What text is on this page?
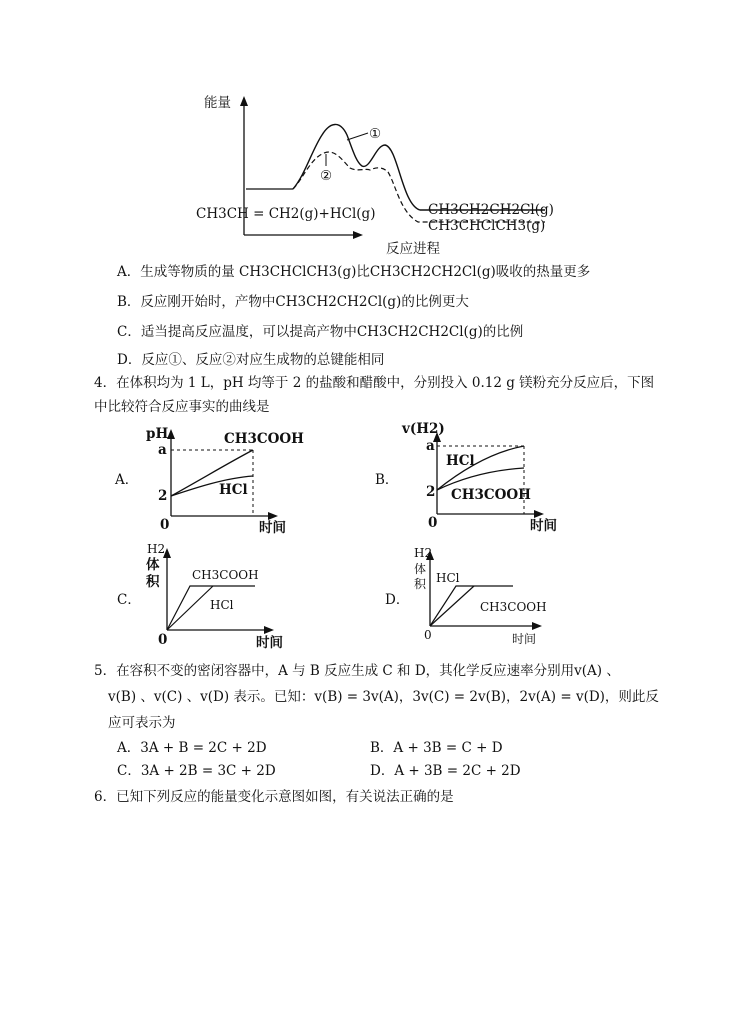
能量
反应进程
CH3CH = CH2(g)+HCl(g)	CH3CH2CH2Cl(g)
CH3CHClCH3(g)
①
②
A．生成等物质的量 CH3CHClCH3(g)比CH3CH2CH2Cl(g)吸收的热量更多
B．反应刚开始时，产物中CH3CH2CH2Cl(g)的比例更大
C．适当提高反应温度，可以提高产物中CH3CH2CH2Cl(g)的比例
D．反应①、反应②对应生成物的总键能相同
4．在体积均为 1 L，pH 均等于 2 的盐酸和醋酸中，分别投入 0.12 g 镁粉充分反应后，下图
中比较符合反应事实的曲线是
A．
pH
a
2
0	时间
CH3COOH
HCl
B．
v(H2)
a
2
0	时间
HCl
CH3COOH
C．
H2
体
积
0	时间
CH3COOH
HCl	D．
H2
体
积
0	时间
HCl
CH3COOH
5．在容积不变的密闭容器中，A 与 B 反应生成 C 和 D，其化学反应速率分别用v(A) 、
v(B) 、v(C) 、v(D) 表示。已知：v(B) = 3v(A)，3v(C) = 2v(B)，2v(A) = v(D)，则此反
应可表示为
A．3A + B = 2C + 2D	B．A + 3B = C + D
C．3A + 2B = 3C + 2D	D．A + 3B = 2C + 2D
6．已知下列反应的能量变化示意图如图，有关说法正确的是
